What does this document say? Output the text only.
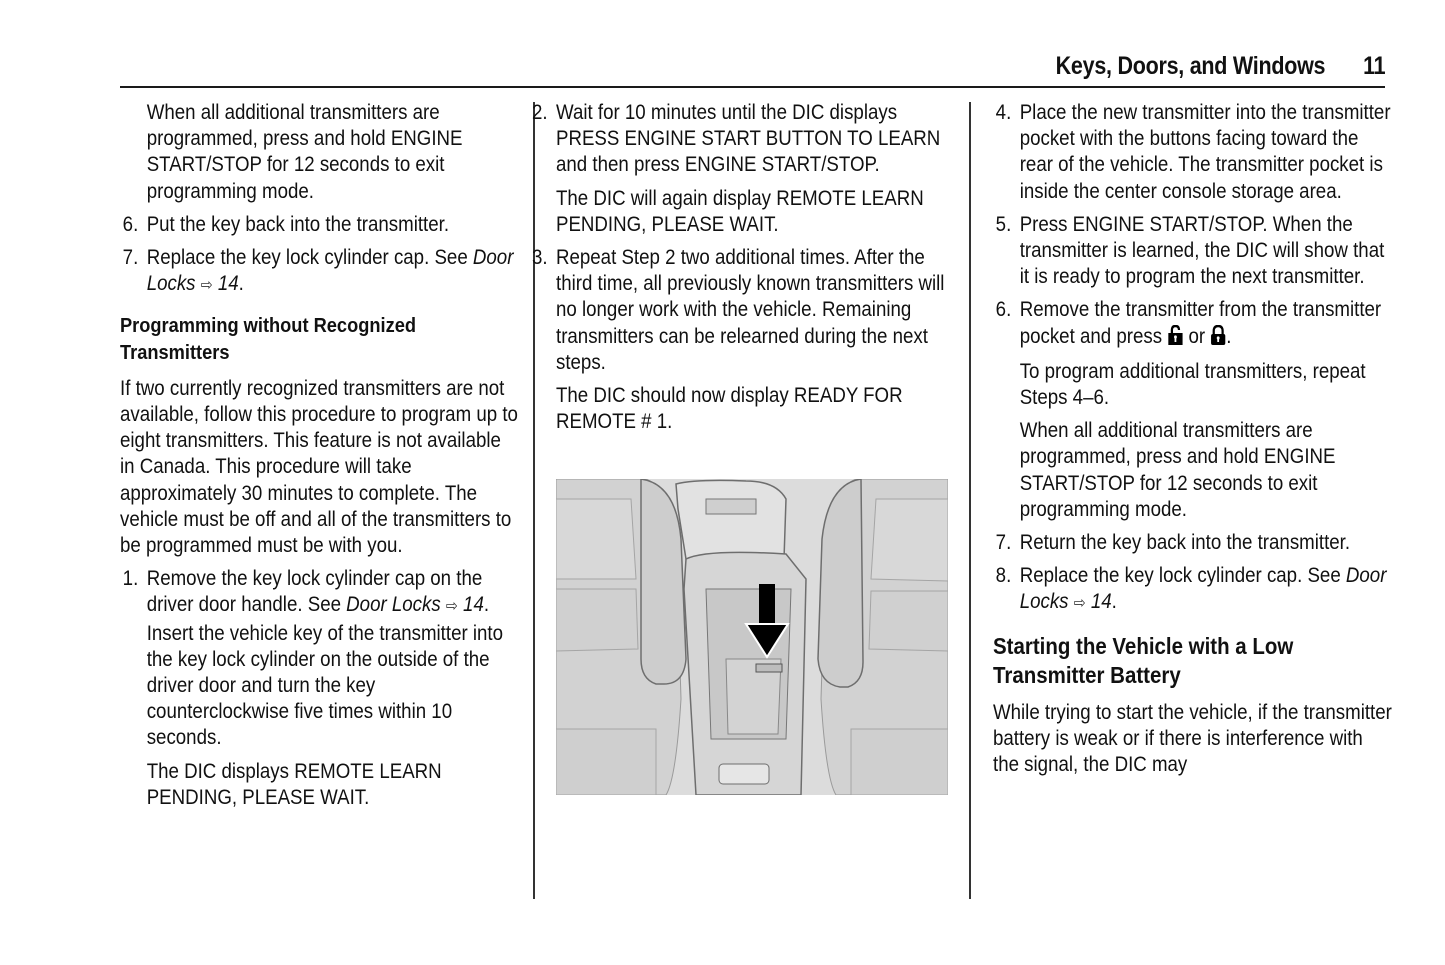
Keys, Doors, and Windows 11

When all additional transmitters are programmed, press and hold ENGINE START/STOP for 12 seconds to exit programming mode.

6. Put the key back into the transmitter.
7. Replace the key lock cylinder cap. See Door Locks ⇨ 14.
Programming without Recognized Transmitters

If two currently recognized transmitters are not available, follow this procedure to program up to eight transmitters. This feature is not available in Canada. This procedure will take approximately 30 minutes to complete. The vehicle must be off and all of the transmitters to be programmed must be with you.

1. Remove the key lock cylinder cap on the driver door handle. See Door Locks ⇨ 14. Insert the vehicle key of the transmitter into the key lock cylinder on the outside of the driver door and turn the key counterclockwise five times within 10 seconds.

The DIC displays REMOTE LEARN PENDING, PLEASE WAIT.

2. Wait for 10 minutes until the DIC displays PRESS ENGINE START BUTTON TO LEARN and then press ENGINE START/STOP.

The DIC will again display REMOTE LEARN PENDING, PLEASE WAIT.

3. Repeat Step 2 two additional times. After the third time, all previously known transmitters will no longer work with the vehicle. Remaining transmitters can be relearned during the next steps.

The DIC should now display READY FOR REMOTE # 1.

4. Place the new transmitter into the transmitter pocket with the buttons facing toward the rear of the vehicle. The transmitter pocket is inside the center console storage area.
5. Press ENGINE START/STOP. When the transmitter is learned, the DIC will show that it is ready to program the next transmitter.
6. Remove the transmitter from the transmitter pocket and press  or .

To program additional transmitters, repeat Steps 4–6.

When all additional transmitters are programmed, press and hold ENGINE START/STOP for 12 seconds to exit programming mode.

7. Return the key back into the transmitter.
8. Replace the key lock cylinder cap. See Door Locks ⇨ 14.
Starting the Vehicle with a Low Transmitter Battery

While trying to start the vehicle, if the transmitter battery is weak or if there is interference with the signal, the DIC may
